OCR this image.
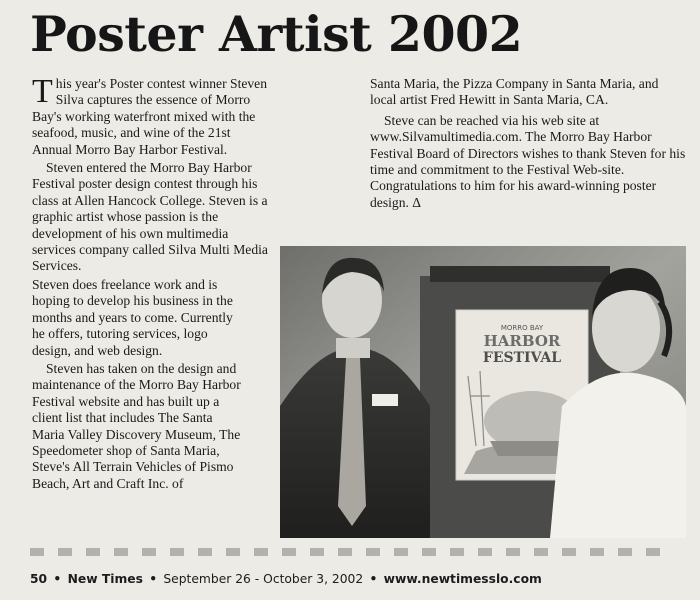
Poster Artist 2002

This year's Poster contest winner Steven Silva captures the essence of Morro Bay's working waterfront mixed with the seafood, music, and wine of the 21st Annual Morro Bay Harbor Festival.

Steven entered the Morro Bay Harbor Festival poster design contest through his class at Allen Hancock College. Steven is a graphic artist whose passion is the development of his own multimedia services company called Silva Multi Media Services.

Steven does freelance work and is hoping to develop his business in the months and years to come. Currently he offers, tutoring services, logo design, and web design.

Steven has taken on the design and maintenance of the Morro Bay Harbor Festival website and has built up a client list that includes The Santa Maria Valley Discovery Museum, The Speedometer shop of Santa Maria, Steve's All Terrain Vehicles of Pismo Beach, Art and Craft Inc. of

Santa Maria, the Pizza Company in Santa Maria, and local artist Fred Hewitt in Santa Maria, CA.

Steve can be reached via his web site at www.Silvamultimedia.com. The Morro Bay Harbor Festival Board of Directors wishes to thank Steven for his time and commitment to the Festival Web-site. Congratulations to him for his award-winning poster design. Δ

MORRO BAY
HARBOR
FESTIVAL
50 • New Times • September 26 - October 3, 2002 • www.newtimesslo.com
